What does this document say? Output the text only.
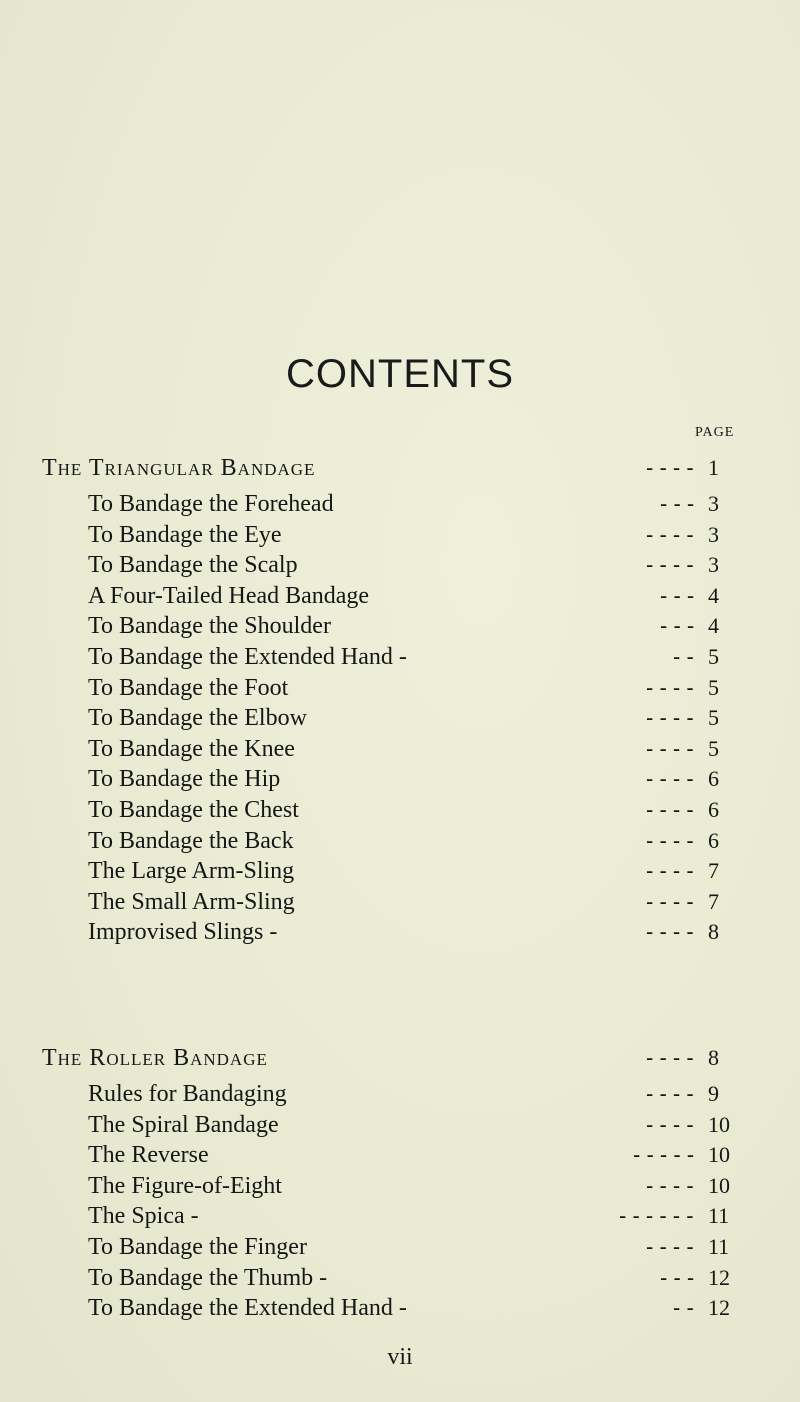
CONTENTS
PAGE
The Triangular Bandage	- - - - 1
To Bandage the Forehead	- - - 3
To Bandage the Eye	- - - - 3
To Bandage the Scalp	- - - - 3
A Four-Tailed Head Bandage	- - - 4
To Bandage the Shoulder	- - - 4
To Bandage the Extended Hand -	- - 5
To Bandage the Foot	- - - - 5
To Bandage the Elbow	- - - - 5
To Bandage the Knee	- - - - 5
To Bandage the Hip	- - - - 6
To Bandage the Chest	- - - - 6
To Bandage the Back	- - - - 6
The Large Arm-Sling	- - - - 7
The Small Arm-Sling	- - - - 7
Improvised Slings -	- - - - 8
The Roller Bandage	- - - - 8
Rules for Bandaging	- - - - 9
The Spiral Bandage	- - - - 10
The Reverse	- - - - - 10
The Figure-of-Eight	- - - - 10
The Spica -	- - - - - - 11
To Bandage the Finger	- - - - 11
To Bandage the Thumb -	- - - 12
To Bandage the Extended Hand -	- - 12
vii
